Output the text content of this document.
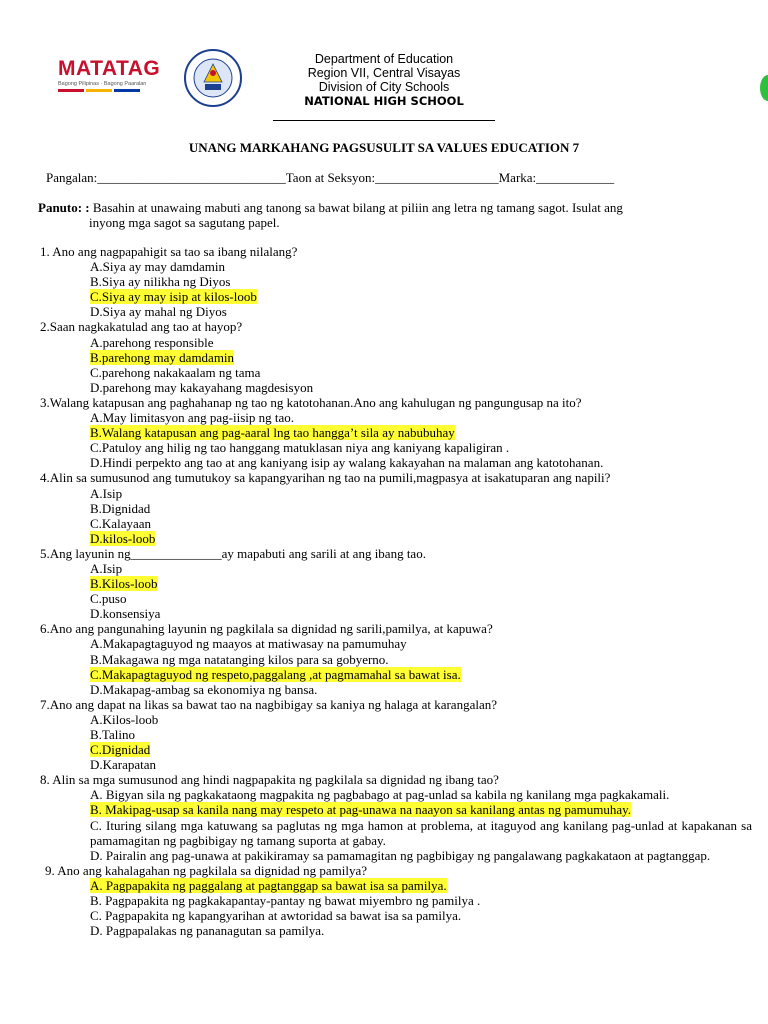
MATATAG
Bagong Pilipinas · Bagong Paaralan
Department of Education
Region VII, Central Visayas
Division of City Schools
NATIONAL HIGH SCHOOL
UNANG MARKAHANG PAGSUSULIT SA VALUES EDUCATION 7
Pangalan:_____________________________Taon at Seksyon:___________________Marka:____________
Panuto: : Basahin at unawaing mabuti ang tanong sa bawat bilang at piliin ang letra ng tamang sagot. Isulat ang
inyong mga sagot sa sagutang papel.
1. Ano ang nagpapahigit sa tao sa ibang nilalang?
A.Siya ay may damdamin
B.Siya ay nilikha ng Diyos
C.Siya ay may isip at kilos-loob
D.Siya ay mahal ng Diyos
2.Saan nagkakatulad ang tao at hayop?
A.parehong responsible
B.parehong may damdamin
C.parehong nakakaalam ng tama
D.parehong may kakayahang magdesisyon
3.Walang katapusan ang paghahanap ng tao ng katotohanan.Ano ang kahulugan ng pangungusap na ito?
A.May limitasyon ang pag-iisip ng tao.
B.Walang katapusan ang pag-aaral lng tao hangga’t sila ay nabubuhay
C.Patuloy ang hilig ng tao hanggang matuklasan niya ang kaniyang kapaligiran .
D.Hindi perpekto ang tao at ang kaniyang isip ay walang kakayahan na malaman ang katotohanan.
4.Alin sa sumusunod ang tumutukoy sa kapangyarihan ng tao na pumili,magpasya at isakatuparan ang napili?
A.Isip
B.Dignidad
C.Kalayaan
D.kilos-loob
5.Ang layunin ng______________ay mapabuti ang sarili at ang ibang tao.
A.Isip
B.Kilos-loob
C.puso
D.konsensiya
6.Ano ang pangunahing layunin ng pagkilala sa dignidad ng sarili,pamilya, at kapuwa?
A.Makapagtaguyod ng maayos at matiwasay na pamumuhay
B.Makagawa ng mga natatanging kilos para sa gobyerno.
C.Makapagtaguyod ng respeto,paggalang ,at pagmamahal sa bawat isa.
D.Makapag-ambag sa ekonomiya ng bansa.
7.Ano ang dapat na likas sa bawat tao na nagbibigay sa kaniya ng halaga at karangalan?
A.Kilos-loob
B.Talino
C.Dignidad
D.Karapatan
8. Alin sa mga sumusunod ang hindi nagpapakita ng pagkilala sa dignidad ng ibang tao?
A. Bigyan sila ng pagkakataong magpakita ng pagbabago at pag-unlad sa kabila ng kanilang mga pagkakamali.
B. Makipag-usap sa kanila nang may respeto at pag-unawa na naayon sa kanilang antas ng pamumuhay.
C. Ituring silang mga katuwang sa paglutas ng mga hamon at problema, at itaguyod ang kanilang pag-unlad at kapakanan sa pamamagitan ng pagbibigay ng tamang suporta at gabay.
D. Pairalin ang pag-unawa at pakikiramay sa pamamagitan ng pagbibigay ng pangalawang pagkakataon at pagtanggap.
9. Ano ang kahalagahan ng pagkilala sa dignidad ng pamilya?
A. Pagpapakita ng paggalang at pagtanggap sa bawat isa sa pamilya.
B. Pagpapakita ng pagkakapantay-pantay ng bawat miyembro ng pamilya .
C. Pagpapakita ng kapangyarihan at awtoridad sa bawat isa sa pamilya.
D. Pagpapalakas ng pananagutan sa pamilya.
